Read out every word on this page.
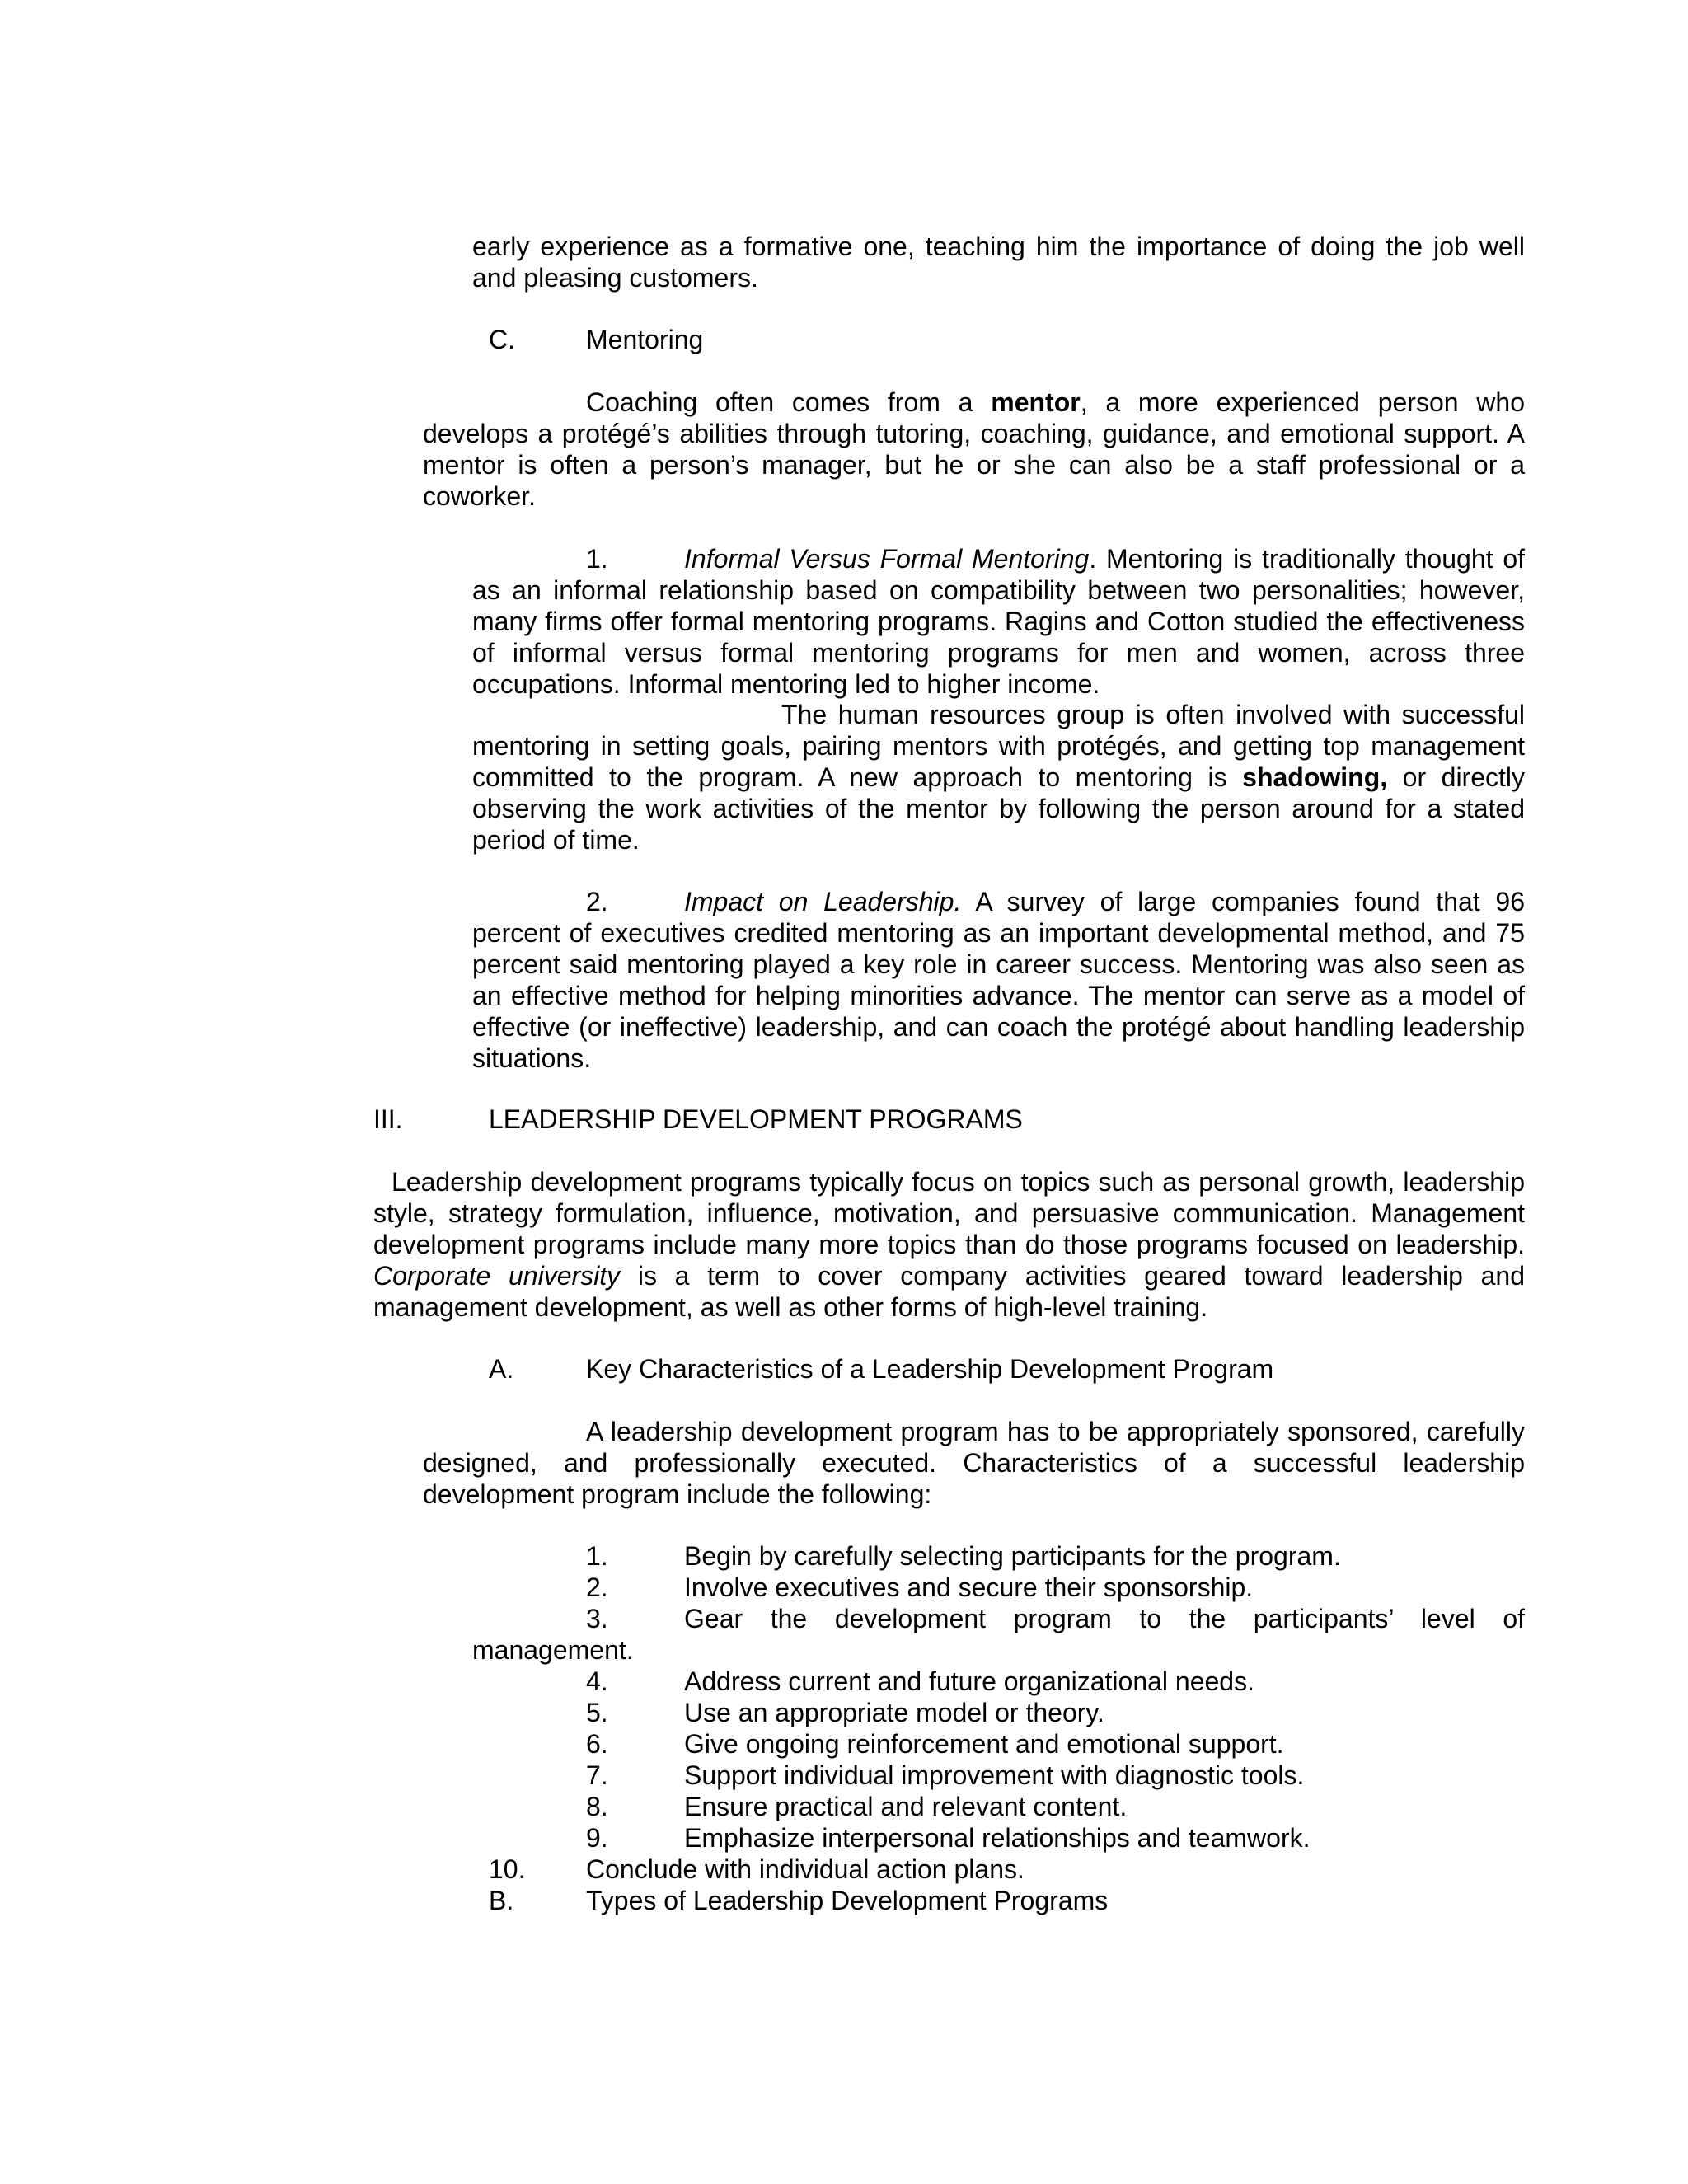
early experience as a formative one, teaching him the importance of doing the job well and pleasing customers.

C.	Mentoring

Coaching often comes from a mentor, a more experienced person who develops a protégé’s abilities through tutoring, coaching, guidance, and emotional support. A mentor is often a person’s manager, but he or she can also be a staff professional or a coworker.

1.	Informal Versus Formal Mentoring. Mentoring is traditionally thought of as an informal relationship based on compatibility between two personalities; however, many firms offer formal mentoring programs. Ragins and Cotton studied the effectiveness of informal versus formal mentoring programs for men and women, across three occupations. Informal mentoring led to higher income.

The human resources group is often involved with successful mentoring in setting goals, pairing mentors with protégés, and getting top management committed to the program. A new approach to mentoring is shadowing, or directly observing the work activities of the mentor by following the person around for a stated period of time.

2.	Impact on Leadership. A survey of large companies found that 96 percent of executives credited mentoring as an important developmental method, and 75 percent said mentoring played a key role in career success. Mentoring was also seen as an effective method for helping minorities advance. The mentor can serve as a model of effective (or ineffective) leadership, and can coach the protégé about handling leadership situations.

III.	LEADERSHIP DEVELOPMENT PROGRAMS

Leadership development programs typically focus on topics such as personal growth, leadership style, strategy formulation, influence, motivation, and persuasive communication. Management development programs include many more topics than do those programs focused on leadership. Corporate university is a term to cover company activities geared toward leadership and management development, as well as other forms of high-level training.

A.	Key Characteristics of a Leadership Development Program

A leadership development program has to be appropriately sponsored, carefully designed, and professionally executed. Characteristics of a successful leadership development program include the following:

1.	Begin by carefully selecting participants for the program.
2.	Involve executives and secure their sponsorship.
3.	Gear the development program to the participants’ level of
management.
4.	Address current and future organizational needs.
5.	Use an appropriate model or theory.
6.	Give ongoing reinforcement and emotional support.
7.	Support individual improvement with diagnostic tools.
8.	Ensure practical and relevant content.
9.	Emphasize interpersonal relationships and teamwork.
10. Conclude with individual action plans.
B.	Types of Leadership Development Programs
